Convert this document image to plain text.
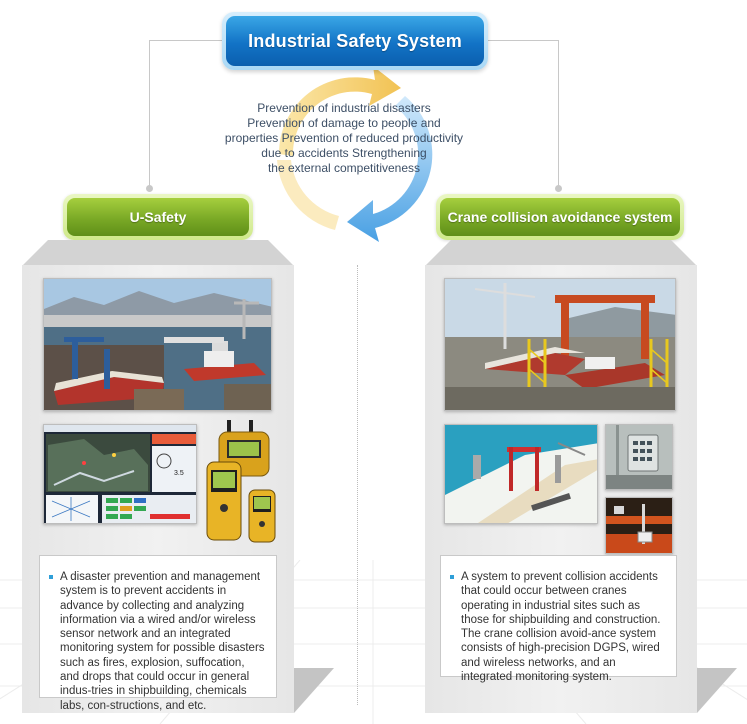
Industrial Safety System
Prevention of industrial disasters
Prevention of damage to people and
properties Prevention of reduced productivity
due to accidents Strengthening
the external competitiveness
U-Safety	Crane collision avoidance system
3.5
A disaster prevention and management system is to prevent accidents in advance by collecting and analyzing information via a wired and/or wireless sensor network and an integrated monitoring system for possible disasters such as fires, explosion, suffocation, and drops that could occur in general indus-tries in shipbuilding, chemicals labs, con-structions, and etc.
A system to prevent collision accidents that could occur between cranes operating in industrial sites such as those for shipbuilding and construction. The crane collision avoid-ance system consists of high-precision DGPS, wired and wireless networks, and an integrated monitoring system.
